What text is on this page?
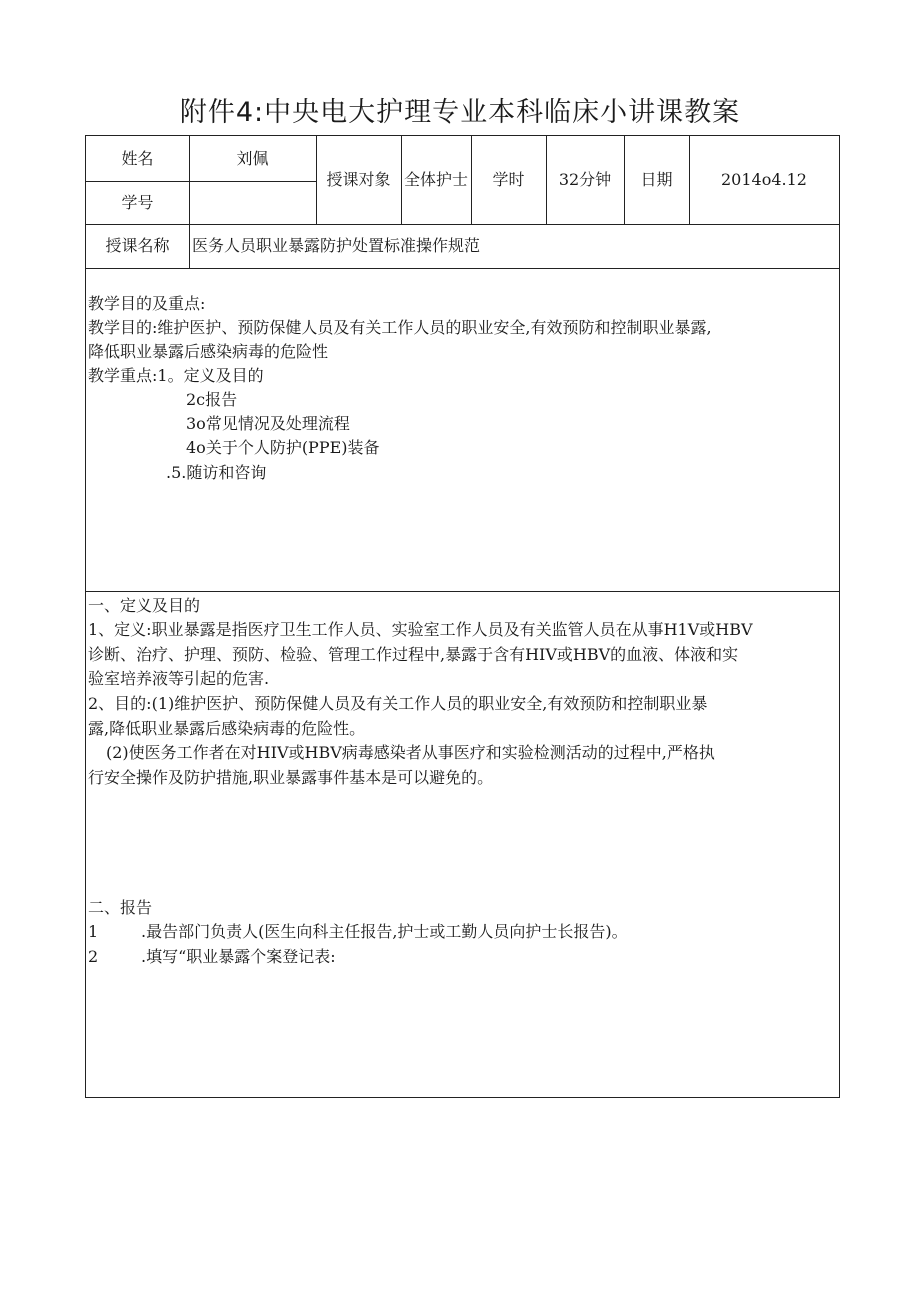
附件4:中央电大护理专业本科临床小讲课教案
姓名	刘佩
学号
授课对象 全体护士	学时	32分钟	日期	2014o4.12
授课名称	医务人员职业暴露防护处置标准操作规范
教学目的及重点:
教学目的:维护医护、预防保健人员及有关工作人员的职业安全,有效预防和控制职业暴露,
降低职业暴露后感染病毒的危险性
教学重点:1。定义及目的
2c报告
3o常见情况及处理流程
4o关于个人防护(PPE)装备
.5.随访和咨询
一、定义及目的
1、定义:职业暴露是指医疗卫生工作人员、实验室工作人员及有关监管人员在从事H1V或HBV
诊断、治疗、护理、预防、检验、管理工作过程中,暴露于含有HIV或HBV的血液、体液和实
验室培养液等引起的危害.
2、目的:(1)维护医护、预防保健人员及有关工作人员的职业安全,有效预防和控制职业暴
露,降低职业暴露后感染病毒的危险性。
(2)使医务工作者在对HIV或HBV病毒感染者从事医疗和实验检测活动的过程中,严格执
行安全操作及防护措施,职业暴露事件基本是可以避免的。
二、报告
1	.最告部门负责人(医生向科主任报告,护士或工勤人员向护士长报告)。
2	.填写“职业暴露个案登记表:
